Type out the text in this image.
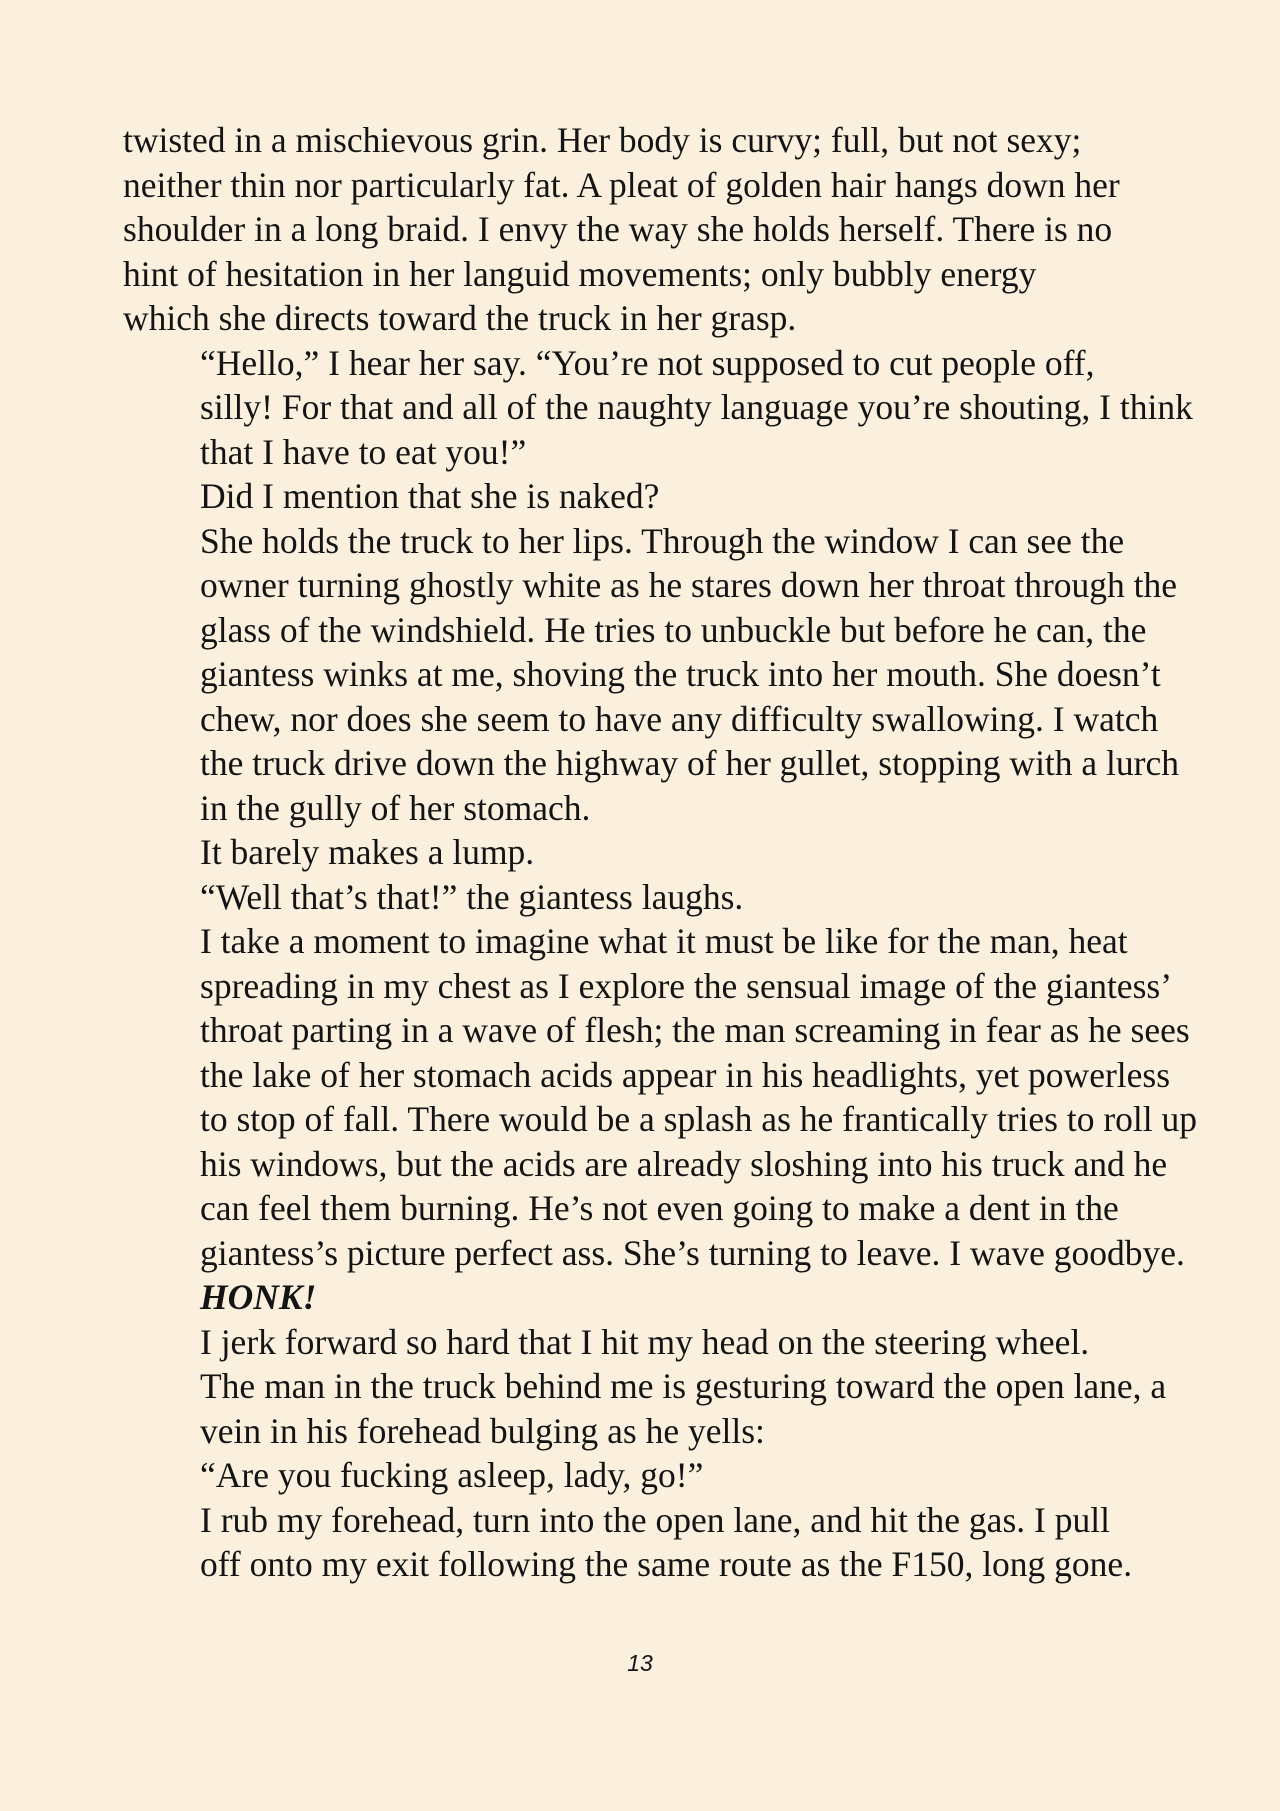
twisted in a mischievous grin. Her body is curvy; full, but not sexy;
neither thin nor particularly fat. A pleat of golden hair hangs down her
shoulder in a long braid. I envy the way she holds herself. There is no
hint of hesitation in her languid movements; only bubbly energy
which she directs toward the truck in her grasp.

“Hello,” I hear her say. “You’re not supposed to cut people off,
silly! For that and all of the naughty language you’re shouting, I think
that I have to eat you!”

Did I mention that she is naked?

She holds the truck to her lips. Through the window I can see the
owner turning ghostly white as he stares down her throat through the
glass of the windshield. He tries to unbuckle but before he can, the
giantess winks at me, shoving the truck into her mouth. She doesn’t
chew, nor does she seem to have any difficulty swallowing. I watch
the truck drive down the highway of her gullet, stopping with a lurch
in the gully of her stomach.

It barely makes a lump.

“Well that’s that!” the giantess laughs.

I take a moment to imagine what it must be like for the man, heat
spreading in my chest as I explore the sensual image of the giantess’
throat parting in a wave of flesh; the man screaming in fear as he sees
the lake of her stomach acids appear in his headlights, yet powerless
to stop of fall. There would be a splash as he frantically tries to roll up
his windows, but the acids are already sloshing into his truck and he
can feel them burning. He’s not even going to make a dent in the
giantess’s picture perfect ass. She’s turning to leave. I wave goodbye.

HONK!

I jerk forward so hard that I hit my head on the steering wheel.
The man in the truck behind me is gesturing toward the open lane, a
vein in his forehead bulging as he yells:

“Are you fucking asleep, lady, go!”

I rub my forehead, turn into the open lane, and hit the gas. I pull
off onto my exit following the same route as the F150, long gone.

13
